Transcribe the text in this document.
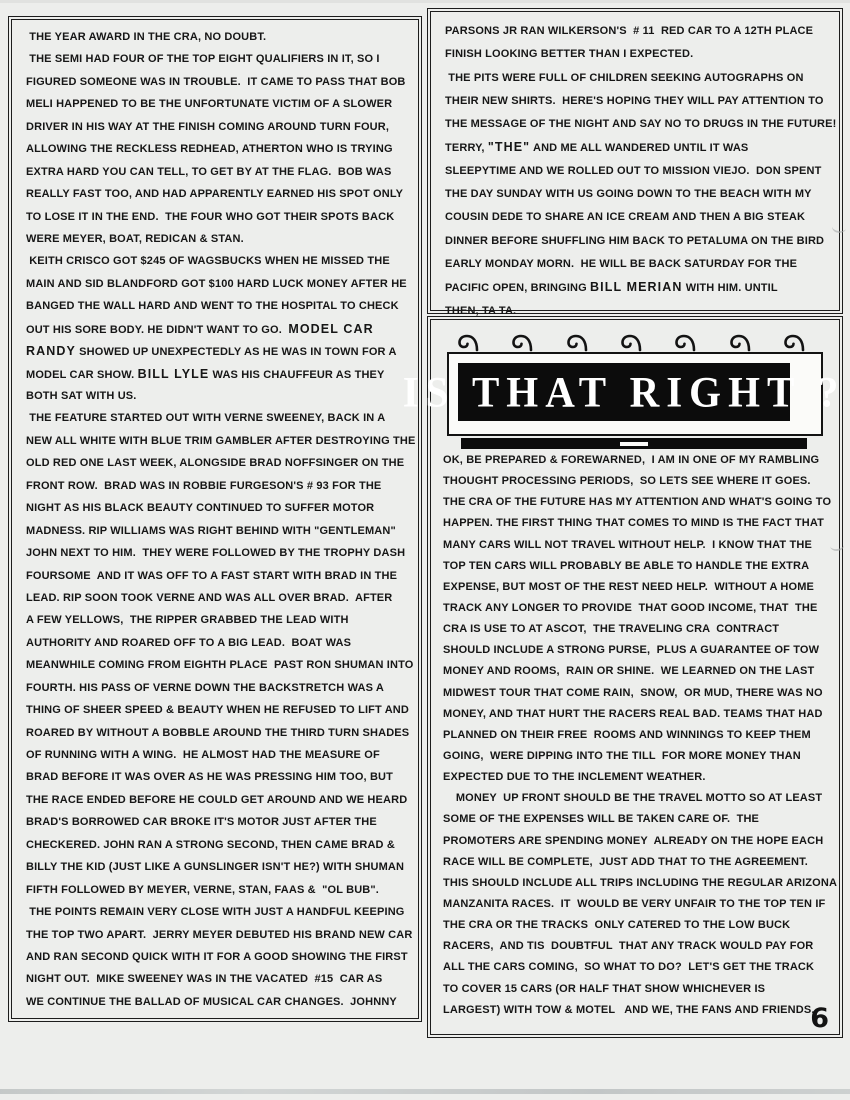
THE YEAR AWARD IN THE CRA, NO DOUBT.
THE SEMI HAD FOUR OF THE TOP EIGHT QUALIFIERS IN IT, SO I
FIGURED SOMEONE WAS IN TROUBLE.  IT CAME TO PASS THAT BOB
MELI HAPPENED TO BE THE UNFORTUNATE VICTIM OF A SLOWER
DRIVER IN HIS WAY AT THE FINISH COMING AROUND TURN FOUR,
ALLOWING THE RECKLESS REDHEAD, ATHERTON WHO IS TRYING
EXTRA HARD YOU CAN TELL, TO GET BY AT THE FLAG.  BOB WAS
REALLY FAST TOO, AND HAD APPARENTLY EARNED HIS SPOT ONLY
TO LOSE IT IN THE END.  THE FOUR WHO GOT THEIR SPOTS BACK
WERE MEYER, BOAT, REDICAN & STAN.
KEITH CRISCO GOT $245 OF WAGSBUCKS WHEN HE MISSED THE
MAIN AND SID BLANDFORD GOT $100 HARD LUCK MONEY AFTER HE
BANGED THE WALL HARD AND WENT TO THE HOSPITAL TO CHECK
OUT HIS SORE BODY. HE DIDN'T WANT TO GO.  MODEL CAR
RANDY SHOWED UP UNEXPECTEDLY AS HE WAS IN TOWN FOR A
MODEL CAR SHOW. BILL LYLE WAS HIS CHAUFFEUR AS THEY
BOTH SAT WITH US.
THE FEATURE STARTED OUT WITH VERNE SWEENEY, BACK IN A
NEW ALL WHITE WITH BLUE TRIM GAMBLER AFTER DESTROYING THE
OLD RED ONE LAST WEEK, ALONGSIDE BRAD NOFFSINGER ON THE
FRONT ROW.  BRAD WAS IN ROBBIE FURGESON'S # 93 FOR THE
NIGHT AS HIS BLACK BEAUTY CONTINUED TO SUFFER MOTOR
MADNESS. RIP WILLIAMS WAS RIGHT BEHIND WITH "GENTLEMAN"
JOHN NEXT TO HIM.  THEY WERE FOLLOWED BY THE TROPHY DASH
FOURSOME  AND IT WAS OFF TO A FAST START WITH BRAD IN THE
LEAD. RIP SOON TOOK VERNE AND WAS ALL OVER BRAD.  AFTER
A FEW YELLOWS,  THE RIPPER GRABBED THE LEAD WITH
AUTHORITY AND ROARED OFF TO A BIG LEAD.  BOAT WAS
MEANWHILE COMING FROM EIGHTH PLACE  PAST RON SHUMAN INTO
FOURTH. HIS PASS OF VERNE DOWN THE BACKSTRETCH WAS A
THING OF SHEER SPEED & BEAUTY WHEN HE REFUSED TO LIFT AND
ROARED BY WITHOUT A BOBBLE AROUND THE THIRD TURN SHADES
OF RUNNING WITH A WING.  HE ALMOST HAD THE MEASURE OF
BRAD BEFORE IT WAS OVER AS HE WAS PRESSING HIM TOO, BUT
THE RACE ENDED BEFORE HE COULD GET AROUND AND WE HEARD
BRAD'S BORROWED CAR BROKE IT'S MOTOR JUST AFTER THE
CHECKERED. JOHN RAN A STRONG SECOND, THEN CAME BRAD &
BILLY THE KID (JUST LIKE A GUNSLINGER ISN'T HE?) WITH SHUMAN
FIFTH FOLLOWED BY MEYER, VERNE, STAN, FAAS &  "OL BUB".
THE POINTS REMAIN VERY CLOSE WITH JUST A HANDFUL KEEPING
THE TOP TWO APART.  JERRY MEYER DEBUTED HIS BRAND NEW CAR
AND RAN SECOND QUICK WITH IT FOR A GOOD SHOWING THE FIRST
NIGHT OUT.  MIKE SWEENEY WAS IN THE VACATED  #15  CAR AS
WE CONTINUE THE BALLAD OF MUSICAL CAR CHANGES.  JOHNNY
PARSONS JR RAN WILKERSON'S  # 11  RED CAR TO A 12TH PLACE
FINISH LOOKING BETTER THAN I EXPECTED.
THE PITS WERE FULL OF CHILDREN SEEKING AUTOGRAPHS ON
THEIR NEW SHIRTS.  HERE'S HOPING THEY WILL PAY ATTENTION TO
THE MESSAGE OF THE NIGHT AND SAY NO TO DRUGS IN THE FUTURE!
TERRY, "THE" AND ME ALL WANDERED UNTIL IT WAS
SLEEPYTIME AND WE ROLLED OUT TO MISSION VIEJO.  DON SPENT
THE DAY SUNDAY WITH US GOING DOWN TO THE BEACH WITH MY
COUSIN DEDE TO SHARE AN ICE CREAM AND THEN A BIG STEAK
DINNER BEFORE SHUFFLING HIM BACK TO PETALUMA ON THE BIRD
EARLY MONDAY MORN.  HE WILL BE BACK SATURDAY FOR THE
PACIFIC OPEN, BRINGING BILL MERIAN WITH HIM. UNTIL
THEN, TA TA.
IS THAT RIGHT ?
OK, BE PREPARED & FOREWARNED,  I AM IN ONE OF MY RAMBLING
THOUGHT PROCESSING PERIODS,  SO LETS SEE WHERE IT GOES.
THE CRA OF THE FUTURE HAS MY ATTENTION AND WHAT'S GOING TO
HAPPEN. THE FIRST THING THAT COMES TO MIND IS THE FACT THAT
MANY CARS WILL NOT TRAVEL WITHOUT HELP.  I KNOW THAT THE
TOP TEN CARS WILL PROBABLY BE ABLE TO HANDLE THE EXTRA
EXPENSE, BUT MOST OF THE REST NEED HELP.  WITHOUT A HOME
TRACK ANY LONGER TO PROVIDE  THAT GOOD INCOME, THAT  THE
CRA IS USE TO AT ASCOT,  THE TRAVELING CRA  CONTRACT
SHOULD INCLUDE A STRONG PURSE,  PLUS A GUARANTEE OF TOW
MONEY AND ROOMS,  RAIN OR SHINE.  WE LEARNED ON THE LAST
MIDWEST TOUR THAT COME RAIN,  SNOW,  OR MUD, THERE WAS NO
MONEY, AND THAT HURT THE RACERS REAL BAD. TEAMS THAT HAD
PLANNED ON THEIR FREE  ROOMS AND WINNINGS TO KEEP THEM
GOING,  WERE DIPPING INTO THE TILL  FOR MORE MONEY THAN
EXPECTED DUE TO THE INCLEMENT WEATHER.
MONEY  UP FRONT SHOULD BE THE TRAVEL MOTTO SO AT LEAST
SOME OF THE EXPENSES WILL BE TAKEN CARE OF.  THE
PROMOTERS ARE SPENDING MONEY  ALREADY ON THE HOPE EACH
RACE WILL BE COMPLETE,  JUST ADD THAT TO THE AGREEMENT.
THIS SHOULD INCLUDE ALL TRIPS INCLUDING THE REGULAR ARIZONA
MANZANITA RACES.  IT  WOULD BE VERY UNFAIR TO THE TOP TEN IF
THE CRA OR THE TRACKS  ONLY CATERED TO THE LOW BUCK
RACERS,  AND TIS  DOUBTFUL  THAT ANY TRACK WOULD PAY FOR
ALL THE CARS COMING,  SO WHAT TO DO?  LET'S GET THE TRACK
TO COVER 15 CARS (OR HALF THAT SHOW WHICHEVER IS
LARGEST) WITH TOW & MOTEL   AND WE, THE FANS AND FRIENDS,
6
